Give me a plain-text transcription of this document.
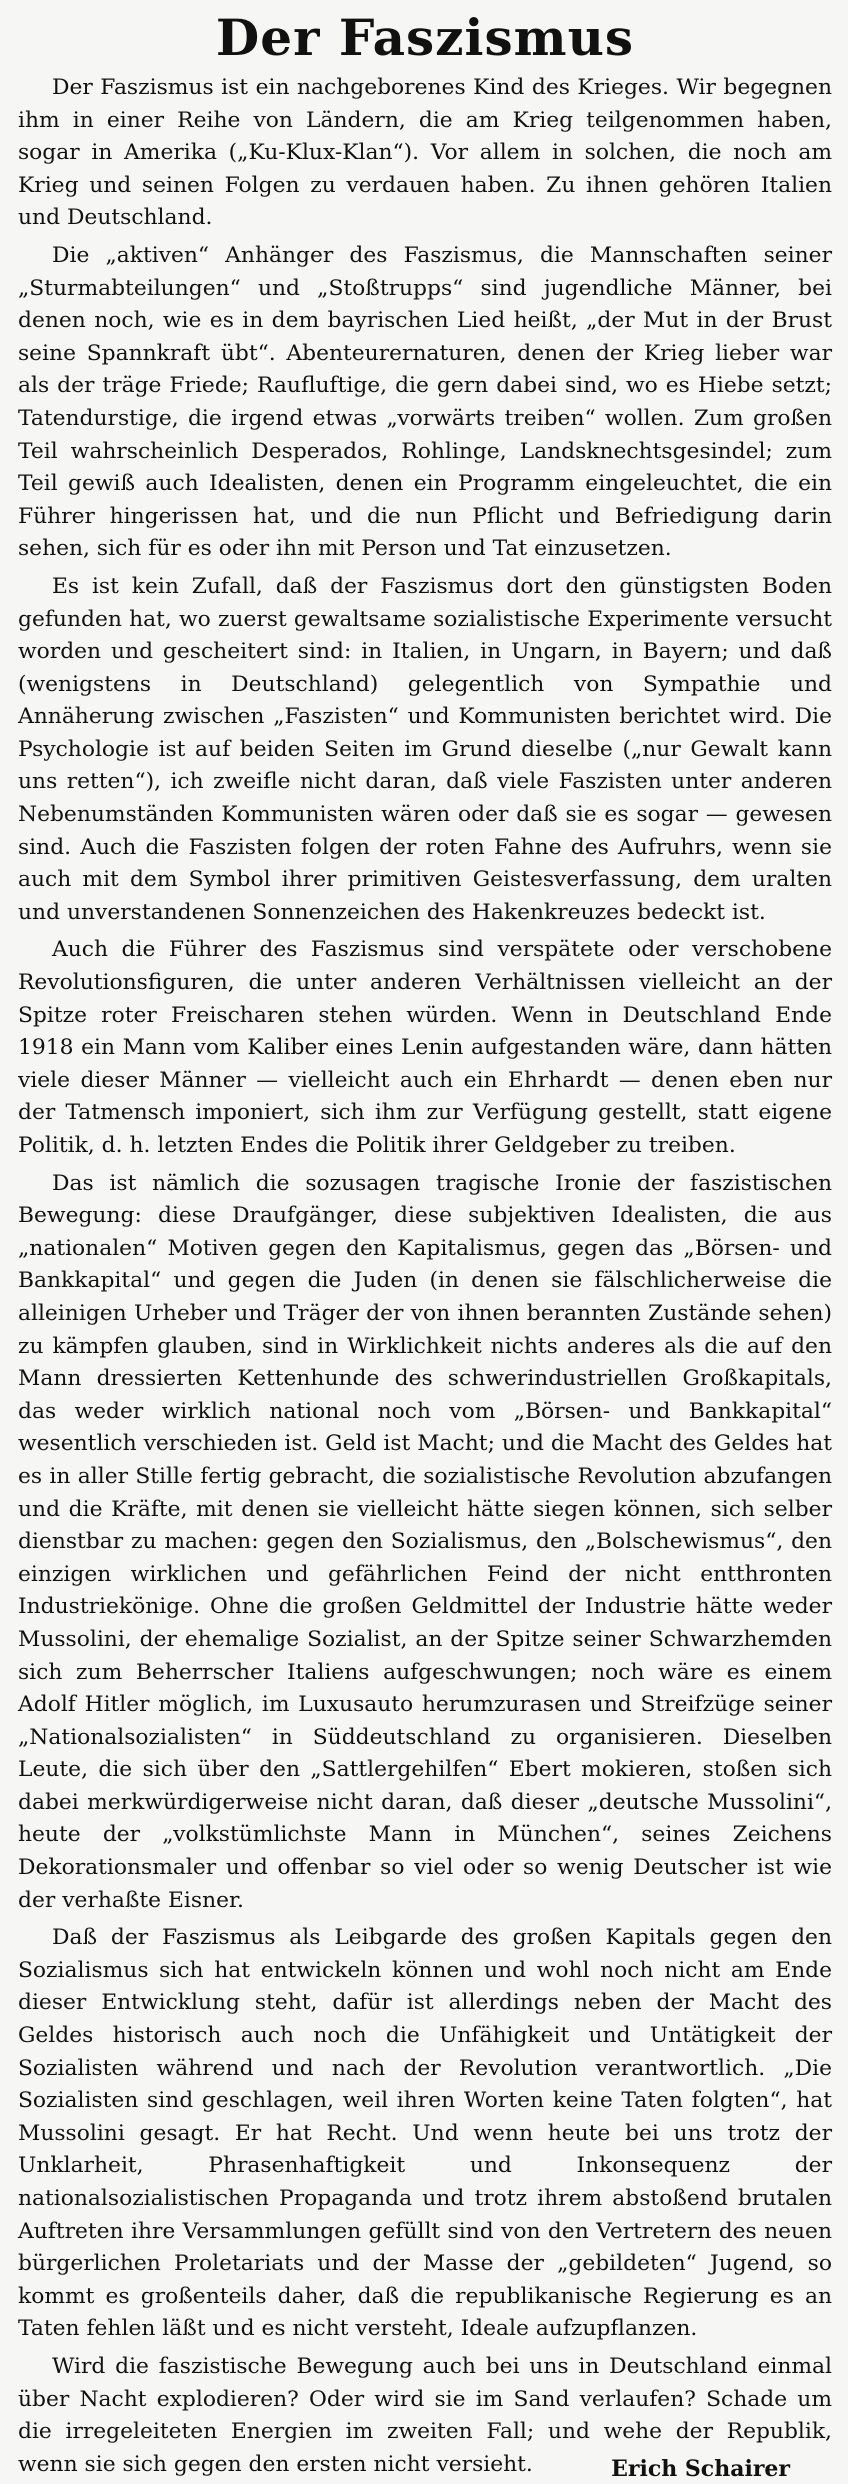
Der Faszismus

Der Faszismus ist ein nachgeborenes Kind des Krieges. Wir begegnen ihm in einer Reihe von Ländern, die am Krieg teilgenommen haben, sogar in Amerika („Ku-Klux-Klan“). Vor allem in solchen, die noch am Krieg und seinen Folgen zu verdauen haben. Zu ihnen gehören Italien und Deutschland.

Die „aktiven“ Anhänger des Faszismus, die Mannschaften seiner „Sturmabteilungen“ und „Stoßtrupps“ sind jugendliche Männer, bei denen noch, wie es in dem bayrischen Lied heißt, „der Mut in der Brust seine Spannkraft übt“. Abenteurernaturen, denen der Krieg lieber war als der träge Friede; Raufluftige, die gern dabei sind, wo es Hiebe setzt; Tatendurstige, die irgend etwas „vorwärts treiben“ wollen. Zum großen Teil wahrscheinlich Desperados, Rohlinge, Landsknechtsgesindel; zum Teil gewiß auch Idealisten, denen ein Programm eingeleuchtet, die ein Führer hingerissen hat, und die nun Pflicht und Befriedigung darin sehen, sich für es oder ihn mit Person und Tat einzusetzen.

Es ist kein Zufall, daß der Faszismus dort den günstigsten Boden gefunden hat, wo zuerst gewaltsame sozialistische Experimente versucht worden und gescheitert sind: in Italien, in Ungarn, in Bayern; und daß (wenigstens in Deutschland) gelegentlich von Sympathie und Annäherung zwischen „Faszisten“ und Kommunisten berichtet wird. Die Psychologie ist auf beiden Seiten im Grund dieselbe („nur Gewalt kann uns retten“), ich zweifle nicht daran, daß viele Faszisten unter anderen Nebenumständen Kommunisten wären oder daß sie es sogar — gewesen sind. Auch die Faszisten folgen der roten Fahne des Aufruhrs, wenn sie auch mit dem Symbol ihrer primitiven Geistesverfassung, dem uralten und unverstandenen Sonnenzeichen des Hakenkreuzes bedeckt ist.

Auch die Führer des Faszismus sind verspätete oder verschobene Revolutionsfiguren, die unter anderen Verhältnissen vielleicht an der Spitze roter Freischaren stehen würden. Wenn in Deutschland Ende 1918 ein Mann vom Kaliber eines Lenin aufgestanden wäre, dann hätten viele dieser Männer — vielleicht auch ein Ehrhardt — denen eben nur der Tatmensch imponiert, sich ihm zur Verfügung gestellt, statt eigene Politik, d. h. letzten Endes die Politik ihrer Geldgeber zu treiben.

Das ist nämlich die sozusagen tragische Ironie der faszistischen Bewegung: diese Draufgänger, diese subjektiven Idealisten, die aus „nationalen“ Motiven gegen den Kapitalismus, gegen das „Börsen- und Bankkapital“ und gegen die Juden (in denen sie fälschlicherweise die alleinigen Urheber und Träger der von ihnen berannten Zustände sehen) zu kämpfen glauben, sind in Wirklichkeit nichts anderes als die auf den Mann dressierten Kettenhunde des schwerindustriellen Großkapitals, das weder wirklich national noch vom „Börsen- und Bankkapital“ wesentlich verschieden ist. Geld ist Macht; und die Macht des Geldes hat es in aller Stille fertig gebracht, die sozialistische Revolution abzufangen und die Kräfte, mit denen sie vielleicht hätte siegen können, sich selber dienstbar zu machen: gegen den Sozialismus, den „Bolschewismus“, den einzigen wirklichen und gefährlichen Feind der nicht entthronten Industriekönige. Ohne die großen Geldmittel der Industrie hätte weder Mussolini, der ehemalige Sozialist, an der Spitze seiner Schwarzhemden sich zum Beherrscher Italiens aufgeschwungen; noch wäre es einem Adolf Hitler möglich, im Luxusauto herumzurasen und Streifzüge seiner „Nationalsozialisten“ in Süddeutschland zu organisieren. Dieselben Leute, die sich über den „Sattlergehilfen“ Ebert mokieren, stoßen sich dabei merkwürdigerweise nicht daran, daß dieser „deutsche Mussolini“, heute der „volkstümlichste Mann in München“, seines Zeichens Dekorationsmaler und offenbar so viel oder so wenig Deutscher ist wie der verhaßte Eisner.

Daß der Faszismus als Leibgarde des großen Kapitals gegen den Sozialismus sich hat entwickeln können und wohl noch nicht am Ende dieser Entwicklung steht, dafür ist allerdings neben der Macht des Geldes historisch auch noch die Unfähigkeit und Untätigkeit der Sozialisten während und nach der Revolution verantwortlich. „Die Sozialisten sind geschlagen, weil ihren Worten keine Taten folgten“, hat Mussolini gesagt. Er hat Recht. Und wenn heute bei uns trotz der Unklarheit, Phrasenhaftigkeit und Inkonsequenz der nationalsozialistischen Propaganda und trotz ihrem abstoßend brutalen Auftreten ihre Versammlungen gefüllt sind von den Vertretern des neuen bürgerlichen Proletariats und der Masse der „gebildeten“ Jugend, so kommt es großenteils daher, daß die republikanische Regierung es an Taten fehlen läßt und es nicht versteht, Ideale aufzupflanzen.

Wird die faszistische Bewegung auch bei uns in Deutschland einmal über Nacht explodieren? Oder wird sie im Sand verlaufen? Schade um die irregeleiteten Energien im zweiten Fall; und wehe der Republik, wenn sie sich gegen den ersten nicht versieht.	Erich Schairer
